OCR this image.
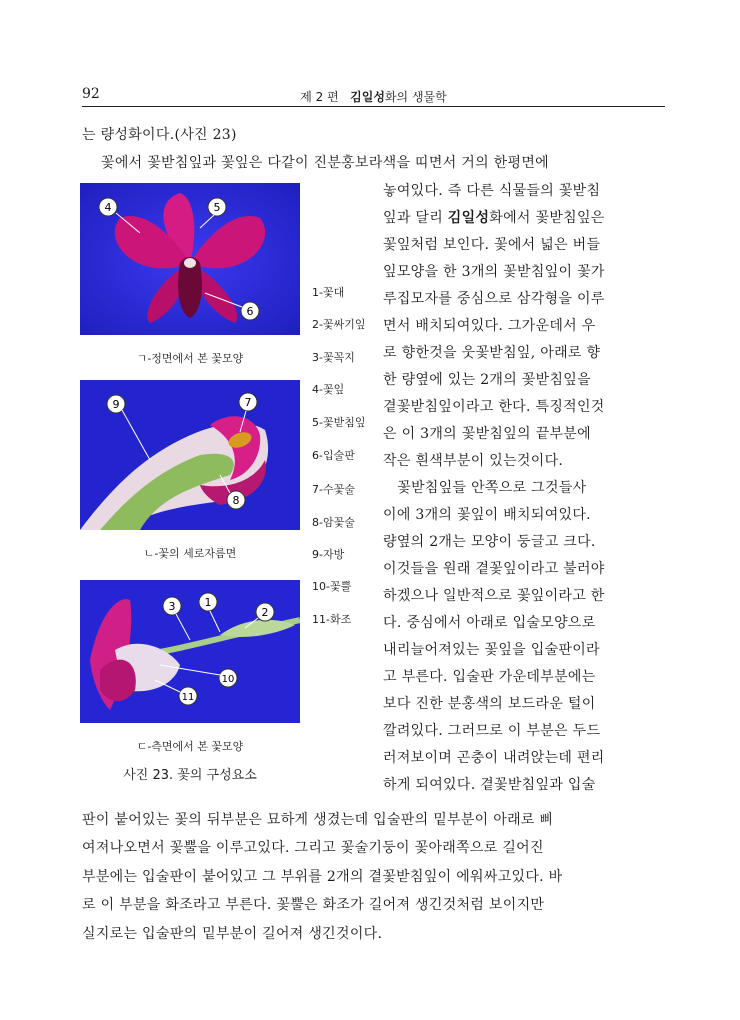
92	제 2 편 김일성화의 생물학
는 량성화이다.(사진 23)
꽃에서 꽃받침잎과 꽃잎은 다같이 진분홍보라색을 띠면서 거의 한평면에
놓여있다. 즉 다른 식물들의 꽃받침
잎과 달리 김일성화에서 꽃받침잎은
꽃잎처럼 보인다. 꽃에서 넓은 버들
잎모양을 한 3개의 꽃받침잎이 꽃가
루집모자를 중심으로 삼각형을 이루
면서 배치되여있다. 그가운데서 우
로 향한것을 웃꽃받침잎, 아래로 향
한 량옆에 있는 2개의 꽃받침잎을
곁꽃받침잎이라고 한다. 특징적인것
은 이 3개의 꽃받침잎의 끝부분에
작은 흰색부분이 있는것이다.
꽃받침잎들 안쪽으로 그것들사
이에 3개의 꽃잎이 배치되여있다.
량옆의 2개는 모양이 둥글고 크다.
이것들을 원래 곁꽃잎이라고 불러야
하겠으나 일반적으로 꽃잎이라고 한
다. 중심에서 아래로 입술모양으로
내리늘어져있는 꽃잎을 입술판이라
고 부른다. 입술판 가운데부분에는
보다 진한 분홍색의 보드라운 털이
깔려있다. 그러므로 이 부분은 두드
러져보이며 곤충이 내려앉는데 편리
하게 되여있다. 곁꽃받침잎과 입술
4	5
6
ㄱ-정면에서 본 꽃모양
9	7
8
ㄴ-꽃의 세로자름면
3	1
2
10
11
ㄷ-측면에서 본 꽃모양
1-꽃대
2-꽃싸기잎
3-꽃꼭지
4-꽃잎
5-꽃받침잎
6-입술판
7-수꽃술
8-암꽃술
9-자방
10-꽃뿔
11-화조
사진 23. 꽃의 구성요소
판이 붙어있는 꽃의 뒤부분은 묘하게 생겼는데 입술판의 밑부분이 아래로 삐
여져나오면서 꽃뿔을 이루고있다. 그리고 꽃술기둥이 꽃아래쪽으로 길어진
부분에는 입술판이 붙어있고 그 부위를 2개의 곁꽃받침잎이 에워싸고있다. 바
로 이 부분을 화조라고 부른다. 꽃뿔은 화조가 길어져 생긴것처럼 보이지만
실지로는 입술판의 밑부분이 길어져 생긴것이다.
